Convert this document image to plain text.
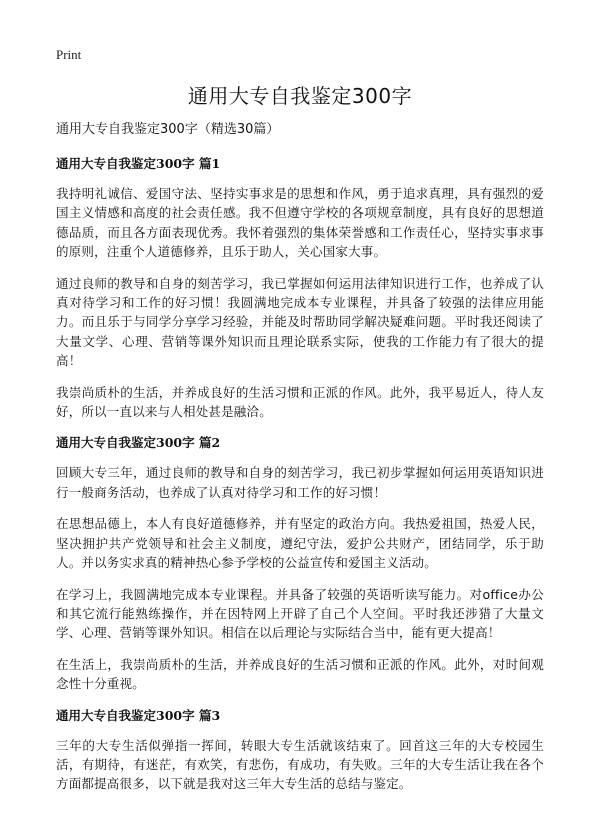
Print
通用大专自我鉴定300字

通用大专自我鉴定300字（精选30篇）

通用大专自我鉴定300字 篇1

我持明礼诚信、爱国守法、坚持实事求是的思想和作风，勇于追求真理，具有强烈的爱国主义情感和高度的社会责任感。我不但遵守学校的各项规章制度，具有良好的思想道德品质，而且各方面表现优秀。我怀着强烈的集体荣誉感和工作责任心，坚持实事求事的原则，注重个人道德修养，且乐于助人，关心国家大事。

通过良师的教导和自身的刻苦学习，我已掌握如何运用法律知识进行工作，也养成了认真对待学习和工作的好习惯！我圆满地完成本专业课程，并具备了较强的法律应用能力。而且乐于与同学分享学习经验，并能及时帮助同学解决疑难问题。平时我还阅读了大量文学、心理、营销等课外知识而且理论联系实际，使我的工作能力有了很大的提高！

我崇尚质朴的生活，并养成良好的生活习惯和正派的作风。此外，我平易近人，待人友好，所以一直以来与人相处甚是融洽。

通用大专自我鉴定300字 篇2

回顾大专三年，通过良师的教导和自身的刻苦学习，我已初步掌握如何运用英语知识进行一般商务活动，也养成了认真对待学习和工作的好习惯！

在思想品德上，本人有良好道德修养，并有坚定的政治方向。我热爱祖国，热爱人民，坚决拥护共产党领导和社会主义制度，遵纪守法，爱护公共财产，团结同学，乐于助人。并以务实求真的精神热心参予学校的公益宣传和爱国主义活动。

在学习上，我圆满地完成本专业课程。并具备了较强的英语听读写能力。对office办公和其它流行能熟练操作，并在因特网上开辟了自己个人空间。平时我还涉猎了大量文学、心理、营销等课外知识。相信在以后理论与实际结合当中，能有更大提高！

在生活上，我崇尚质朴的生活，并养成良好的生活习惯和正派的作风。此外，对时间观念性十分重视。

通用大专自我鉴定300字 篇3

三年的大专生活似弹指一挥间，转眼大专生活就该结束了。回首这三年的大专校园生活，有期待，有迷茫，有欢笑，有悲伤，有成功，有失败。三年的大专生活让我在各个方面都提高很多，以下就是我对这三年大专生活的总结与鉴定。
